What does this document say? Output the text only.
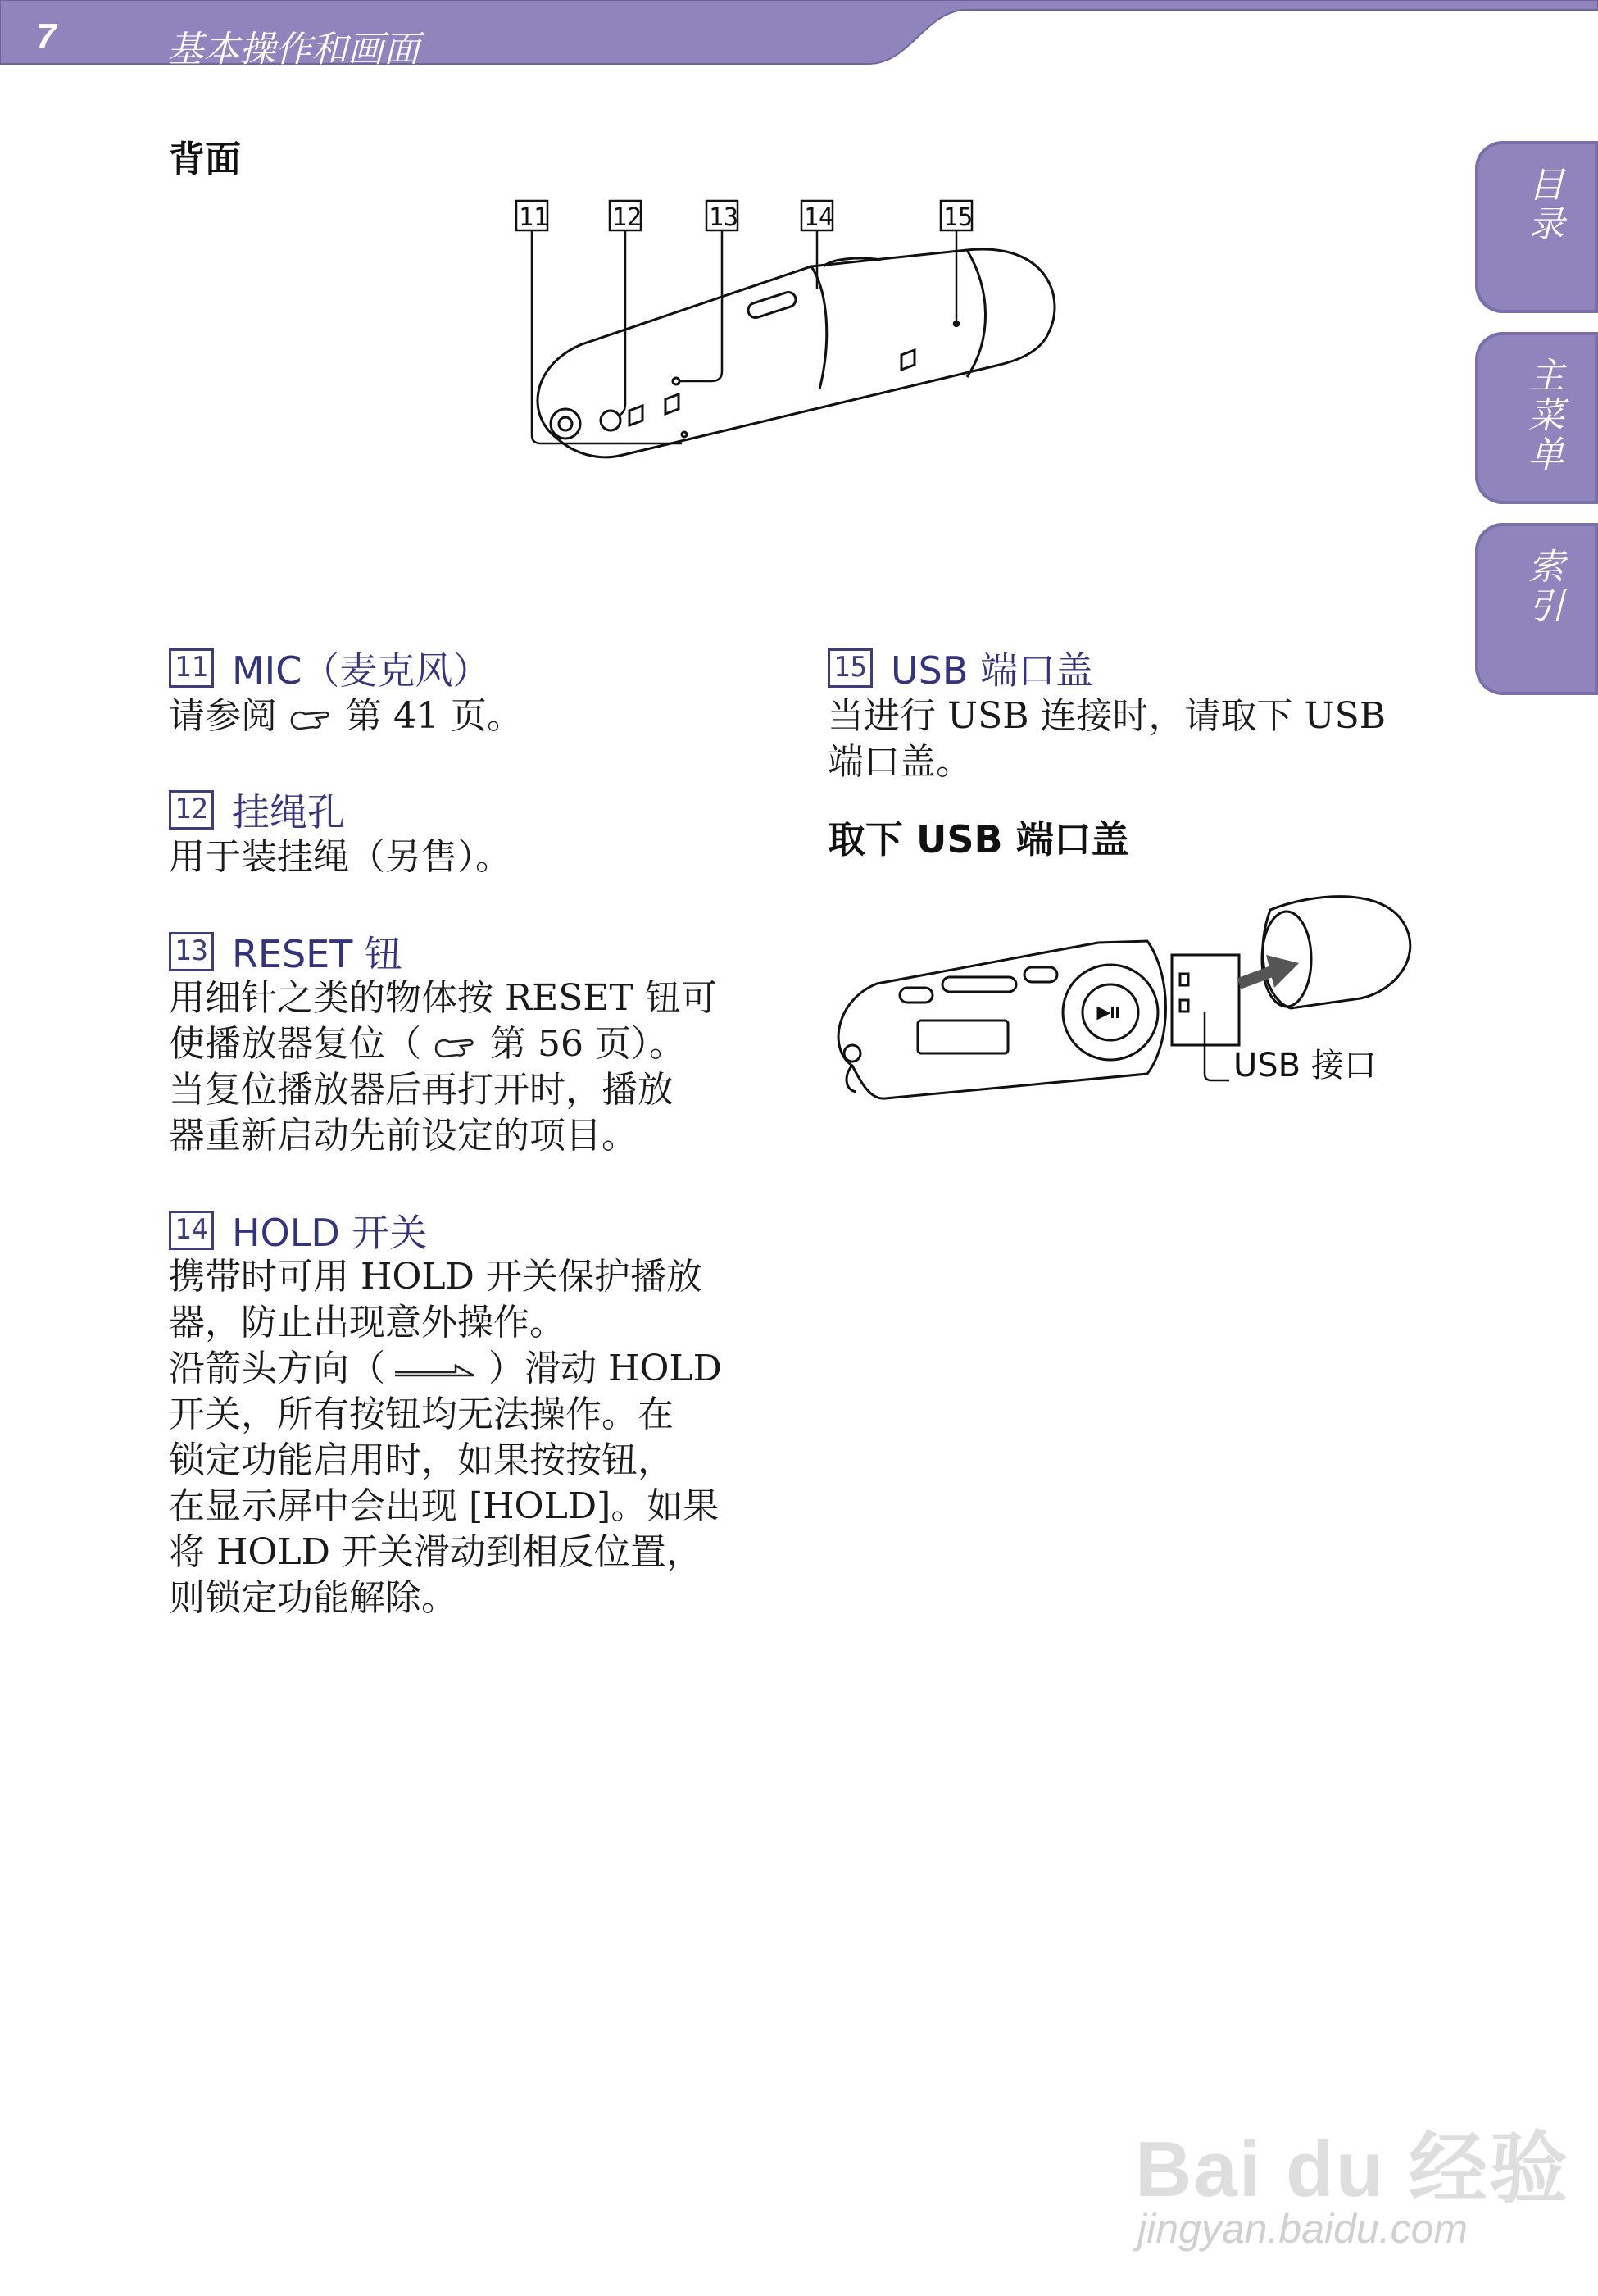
7	基本操作和画面
目录
主菜单
索引
背面
11	12	13	14	15
11 MIC（麦克风）
请参阅 第 41 页。
12 挂绳孔
用于装挂绳（另售）。
13 RESET 钮
用细针之类的物体按 RESET 钮可
使播放器复位（ 第 56 页）。
当复位播放器后再打开时，播放
器重新启动先前设定的项目。
14 HOLD 开关
携带时可用 HOLD 开关保护播放
器，防止出现意外操作。
沿箭头方向（	）滑动 HOLD
开关，所有按钮均无法操作。在
锁定功能启用时，如果按按钮，
在显示屏中会出现 [HOLD]。如果
将 HOLD 开关滑动到相反位置，
则锁定功能解除。
15 USB 端口盖
当进行 USB 连接时，请取下 USB
端口盖。
取下 USB 端口盖
USB 接口
Bai du 经验
jingyan.baidu.com
